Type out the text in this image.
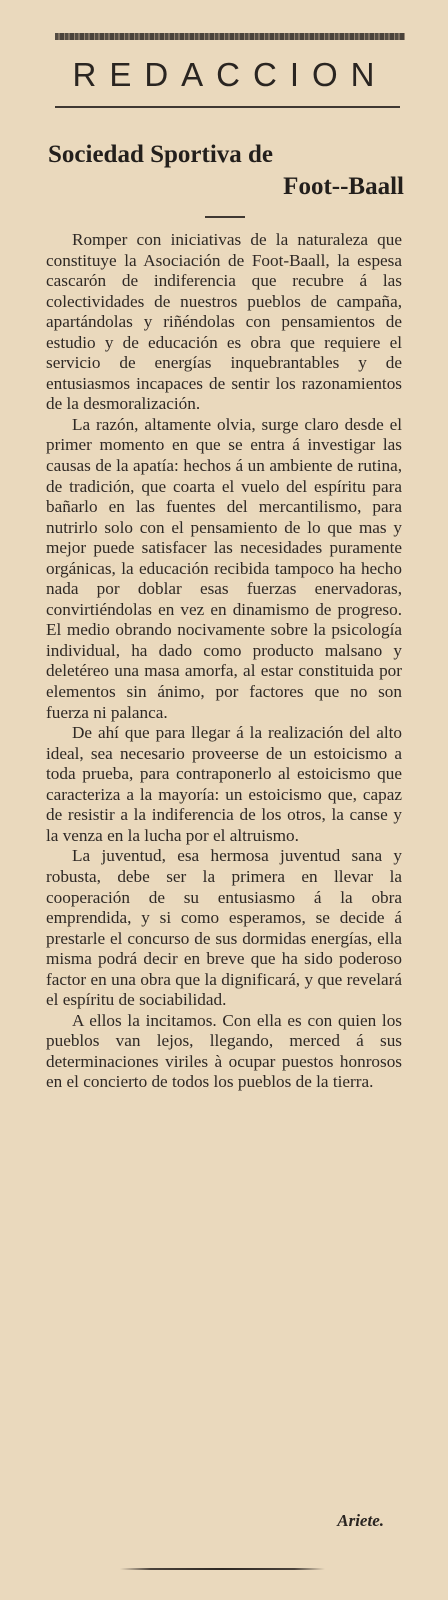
REDACCION
Sociedad Sportiva de
Foot--Baall

Romper con iniciativas de la naturaleza que constituye la Asociación de Foot-Baall, la espesa cascarón de indiferencia que recubre á las colectividades de nuestros pueblos de campaña, apartándolas y riñéndolas con pensamientos de estudio y de educación es obra que requiere el servicio de energías inquebrantables y de entusiasmos incapaces de sentir los razonamientos de la desmoralización.

La razón, altamente olvia, surge claro desde el primer momento en que se entra á investigar las causas de la apatía: hechos á un ambiente de rutina, de tradición, que coarta el vuelo del espíritu para bañarlo en las fuentes del mercantilismo, para nutrirlo solo con el pensamiento de lo que mas y mejor puede satisfacer las necesidades puramente orgánicas, la educación recibida tampoco ha hecho nada por doblar esas fuerzas enervadoras, convirtiéndolas en vez en dinamismo de progreso. El medio obrando nocivamente sobre la psicología individual, ha dado como producto malsano y deletéreo una masa amorfa, al estar constituida por elementos sin ánimo, por factores que no son fuerza ni palanca.

De ahí que para llegar á la realización del alto ideal, sea necesario proveerse de un estoicismo a toda prueba, para contraponerlo al estoicismo que caracteriza a la mayoría: un estoicismo que, capaz de resistir a la indiferencia de los otros, la canse y la venza en la lucha por el altruismo.

La juventud, esa hermosa juventud sana y robusta, debe ser la primera en llevar la cooperación de su entusiasmo á la obra emprendida, y si como esperamos, se decide á prestarle el concurso de sus dormidas energías, ella misma podrá decir en breve que ha sido poderoso factor en una obra que la dignificará, y que revelará el espíritu de sociabilidad.

A ellos la incitamos. Con ella es con quien los pueblos van lejos, llegando, merced á sus determinaciones viriles à ocupar puestos honrosos en el concierto de todos los pueblos de la tierra.

Ariete.
